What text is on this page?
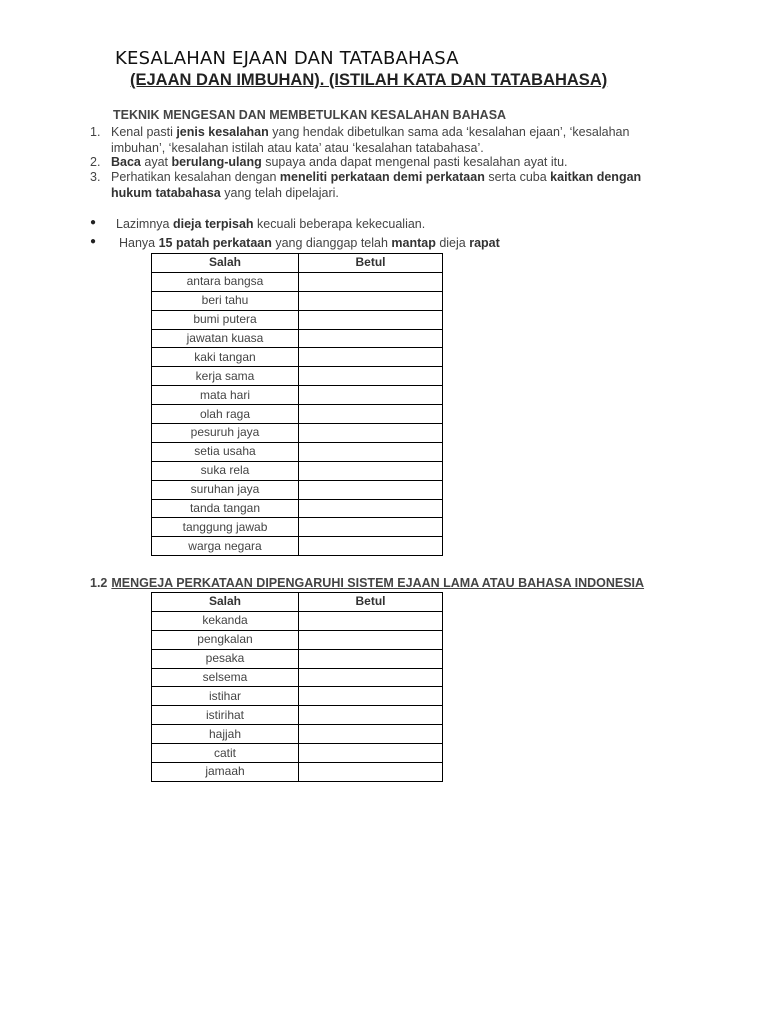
KESALAHAN EJAAN DAN TATABAHASA
(EJAAN DAN IMBUHAN). (ISTILAH KATA DAN TATABAHASA)
TEKNIK MENGESAN DAN MEMBETULKAN KESALAHAN BAHASA
1. Kenal pasti jenis kesalahan yang hendak dibetulkan sama ada ‘kesalahan ejaan’, ‘kesalahan imbuhan’, ‘kesalahan istilah atau kata’ atau ‘kesalahan tatabahasa’.
2. Baca ayat berulang-ulang supaya anda dapat mengenal pasti kesalahan ayat itu.
3. Perhatikan kesalahan dengan meneliti perkataan demi perkataan serta cuba kaitkan dengan hukum tatabahasa yang telah dipelajari.
● Lazimnya dieja terpisah kecuali beberapa kekecualian.
● Hanya 15 patah perkataan yang dianggap telah mantap dieja rapat
Salah	Betul
antara bangsa	
beri tahu	
bumi putera	
jawatan kuasa	
kaki tangan	
kerja sama	
mata hari	
olah raga	
pesuruh jaya	
setia usaha	
suka rela	
suruhan jaya	
tanda tangan	
tanggung jawab	
warga negara	
1.2 MENGEJA PERKATAAN DIPENGARUHI SISTEM EJAAN LAMA ATAU BAHASA INDONESIA
Salah	Betul
kekanda	
pengkalan	
pesaka	
selsema	
istihar	
istirihat	
hajjah	
catit	
jamaah	
